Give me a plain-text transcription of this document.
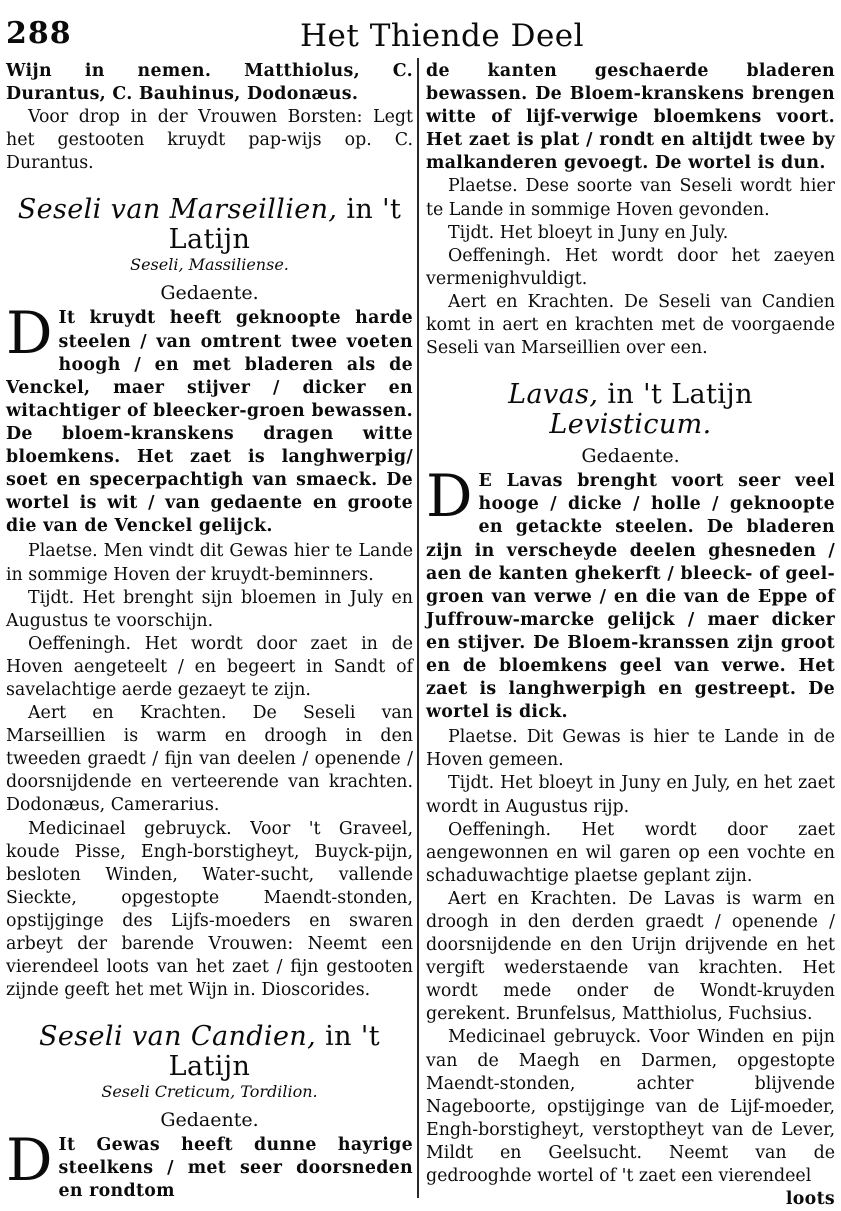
288	Het Thiende Deel

Wijn in nemen. Matthiolus, C. Durantus, C. Bauhinus, Dodonæus.

Voor drop in der Vrouwen Borsten: Legt het gestooten kruydt pap-wijs op. C. Durantus.

Seseli van Marseillien, in 't Latijn
Seseli, Massiliense.
Gedaente.

D It kruydt heeft geknoopte harde steelen / van omtrent twee voeten hoogh / en met bladeren als de Venckel, maer stijver / dicker en witachtiger of bleecker-groen bewassen. De bloem-kranskens dragen witte bloemkens. Het zaet is langhwerpig/ soet en specerpachtigh van smaeck. De wortel is wit / van gedaente en groote die van de Venckel gelijck.

Plaetse. Men vindt dit Gewas hier te Lande in sommige Hoven der kruydt-beminners.

Tijdt. Het brenght sijn bloemen in July en Augustus te voorschijn.

Oeffeningh. Het wordt door zaet in de Hoven aengeteelt / en begeert in Sandt of savelachtige aerde gezaeyt te zijn.

Aert en Krachten. De Seseli van Marseillien is warm en droogh in den tweeden graedt / fijn van deelen / openende / doorsnijdende en verteerende van krachten. Dodonæus, Camerarius.

Medicinael gebruyck. Voor 't Graveel, koude Pisse, Engh-borstigheyt, Buyck-pijn, besloten Winden, Water-sucht, vallende Sieckte, opgestopte Maendt-stonden, opstijginge des Lijfs-moeders en swaren arbeyt der barende Vrouwen: Neemt een vierendeel loots van het zaet / fijn gestooten zijnde geeft het met Wijn in. Dioscorides.

Seseli van Candien, in 't Latijn
Seseli Creticum, Tordilion.
Gedaente.

D It Gewas heeft dunne hayrige steelkens / met seer doorsneden en rondtom

de kanten geschaerde bladeren bewassen. De Bloem-kranskens brengen witte of lijf-verwige bloemkens voort. Het zaet is plat / rondt en altijdt twee by malkanderen gevoegt. De wortel is dun.

Plaetse. Dese soorte van Seseli wordt hier te Lande in sommige Hoven gevonden.

Tijdt. Het bloeyt in Juny en July.

Oeffeningh. Het wordt door het zaeyen vermenighvuldigt.

Aert en Krachten. De Seseli van Candien komt in aert en krachten met de voorgaende Seseli van Marseillien over een.

Lavas, in 't Latijn Levisticum.
Gedaente.

D E Lavas brenght voort seer veel hooge / dicke / holle / geknoopte en getackte steelen. De bladeren zijn in verscheyde deelen ghesneden / aen de kanten ghekerft / bleeck- of geel-groen van verwe / en die van de Eppe of Juffrouw-marcke gelijck / maer dicker en stijver. De Bloem-kranssen zijn groot en de bloemkens geel van verwe. Het zaet is langhwerpigh en gestreept. De wortel is dick.

Plaetse. Dit Gewas is hier te Lande in de Hoven gemeen.

Tijdt. Het bloeyt in Juny en July, en het zaet wordt in Augustus rijp.

Oeffeningh. Het wordt door zaet aengewonnen en wil garen op een vochte en schaduwachtige plaetse geplant zijn.

Aert en Krachten. De Lavas is warm en droogh in den derden graedt / openende / doorsnijdende en den Urijn drijvende en het vergift wederstaende van krachten. Het wordt mede onder de Wondt-kruyden gerekent. Brunfelsus, Matthiolus, Fuchsius.

Medicinael gebruyck. Voor Winden en pijn van de Maegh en Darmen, opgestopte Maendt-stonden, achter blijvende Nageboorte, opstijginge van de Lijf-moeder, Engh-borstigheyt, verstoptheyt van de Lever, Mildt en Geelsucht. Neemt van de gedrooghde wortel of 't zaet een vierendeel

loots
